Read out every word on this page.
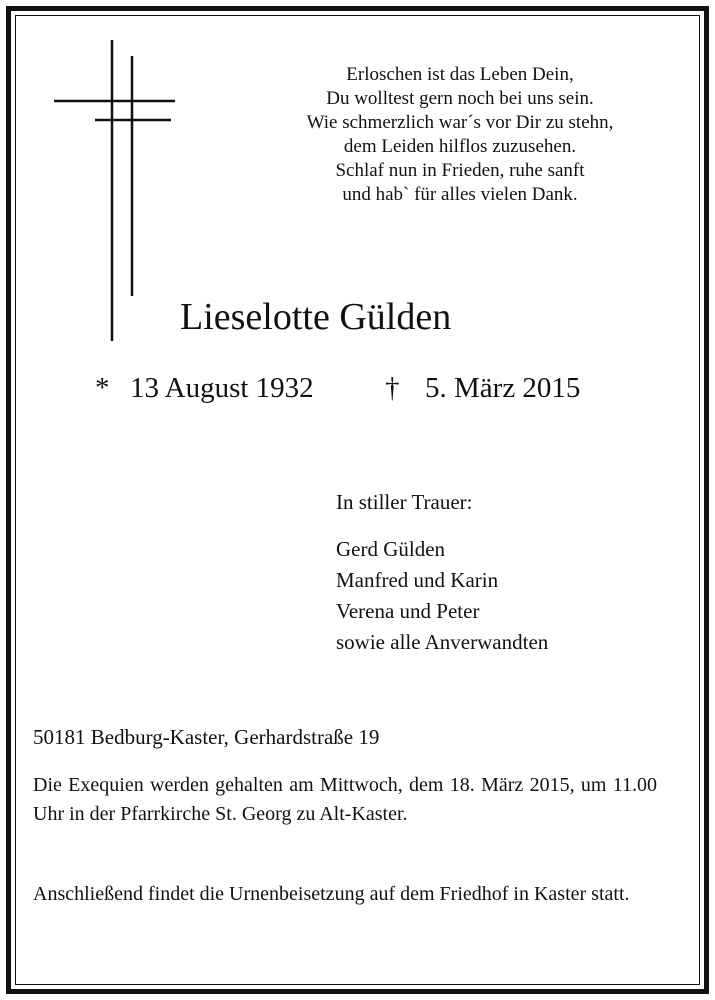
Erloschen ist das Leben Dein,
Du wolltest gern noch bei uns sein.
Wie schmerzlich war´s vor Dir zu stehn,
dem Leiden hilflos zuzusehen.
Schlaf nun in Frieden, ruhe sanft
und hab` für alles vielen Dank.
Lieselotte Gülden
* 13 August 1932 † 5. März 2015
In stiller Trauer:
Gerd Gülden
Manfred und Karin
Verena und Peter
sowie alle Anverwandten
50181 Bedburg-Kaster, Gerhardstraße 19
Die Exequien werden gehalten am Mittwoch, dem 18. März 2015, um 11.00 Uhr in der Pfarrkirche St. Georg zu Alt-Kaster.
Anschließend findet die Urnenbeisetzung auf dem Friedhof in Kaster statt.
